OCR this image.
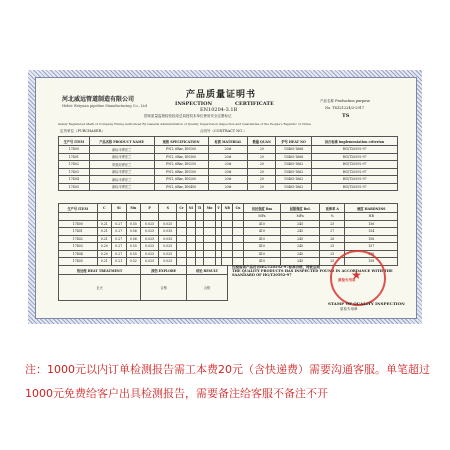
河北威远管道制造有限公司
Hebei Weiyuan pipeline Manufacturing Co., Ltd
产品质量证明书
INSPECTION	CERTIFICATE
EN10204-3.1B
产品名称 Production purpose
No. TSZ21224/3-2917
国家质量监督检验检疫总局授权本单位使用安全注册标记	TS
Safety Registered Mark of Company Elsing Authorized By General Administration of Quality Supervision Inspection and Quarantine of the People's Republic of China
定货单位（PURCHASER）	合同号（CONTRACT NO.）
生产号 ITEM	产品名称 PRODUCT NAME	规格 SPECIFICATION	材质 MATERIAL	数量 QUAN	炉号 HEAT NO	执行标准 implementation criterion
17400	新标平焊法兰	PN1, 6Bar, DN100	20#	20	15465-1668	HG/T20592-97
17401	新标平焊法兰	PN1, 0Bar, DN300	20#	20	15465-1668	HG/T20592-97
17402	带颈对焊法兰	PN1, 6Bar, DN250	20#	20	15465-1662	HG/T20592-97
17403	新标平焊法兰	PN1, 6Bar, DN100	20#	20	15465-1662	HG/T20592-97
17404	新标平焊法兰	PN1, 6Bar, DN200	20#	20	15465-1662	HG/T20592-97
17405	新标平焊法兰	PN1, 6Bar, DN450	20#	20	15465-1662	HG/T20592-97
生产号 ITEM	C	Si	Mn	P	S	Cr	Ni	Ti	Mo	V	Nb	Cu	抗拉强度 Rm	屈服强度 ReL	延伸率 A	硬度 HARDNESS
													MPa	MPa	%	HB
17400	0.21	0.27	0.55	0.025	0.025								410	245	25	156
17401	0.21	0.27	0.56	0.025	0.035								410	245	27	154
17402	0.21	0.27	0.56	0.025	0.035								410	245	26	156
17403	0.20	0.27	0.55	0.025	0.025								410	245	25	157
17404	0.20	0.27	0.55	0.025	0.025								410	245	25	158
17405	0.21	0.21	0.52	0.025	0.025								410	245	25	158
热处理 HEAT TREATMENT	探伤 EXPLORE	结论 RESULT
正火	合格	合格
经检验该产品符合HG/T20592-97标准合格，特此证明
THE QUALITY PRODUCTS HAS INSPECTED FOUND IN ACCORDANCE WITH THE SAANDARD OF HG/T20592-97	★
质检专用章
STAMP OF QUALITY INSPECTION
质检专用章
注：1000元以内订单检测报告需工本费20元（含快递费）需要沟通客服。单笔超过1000元免费给客户出具检测报告，需要备注给客服不备注不开
